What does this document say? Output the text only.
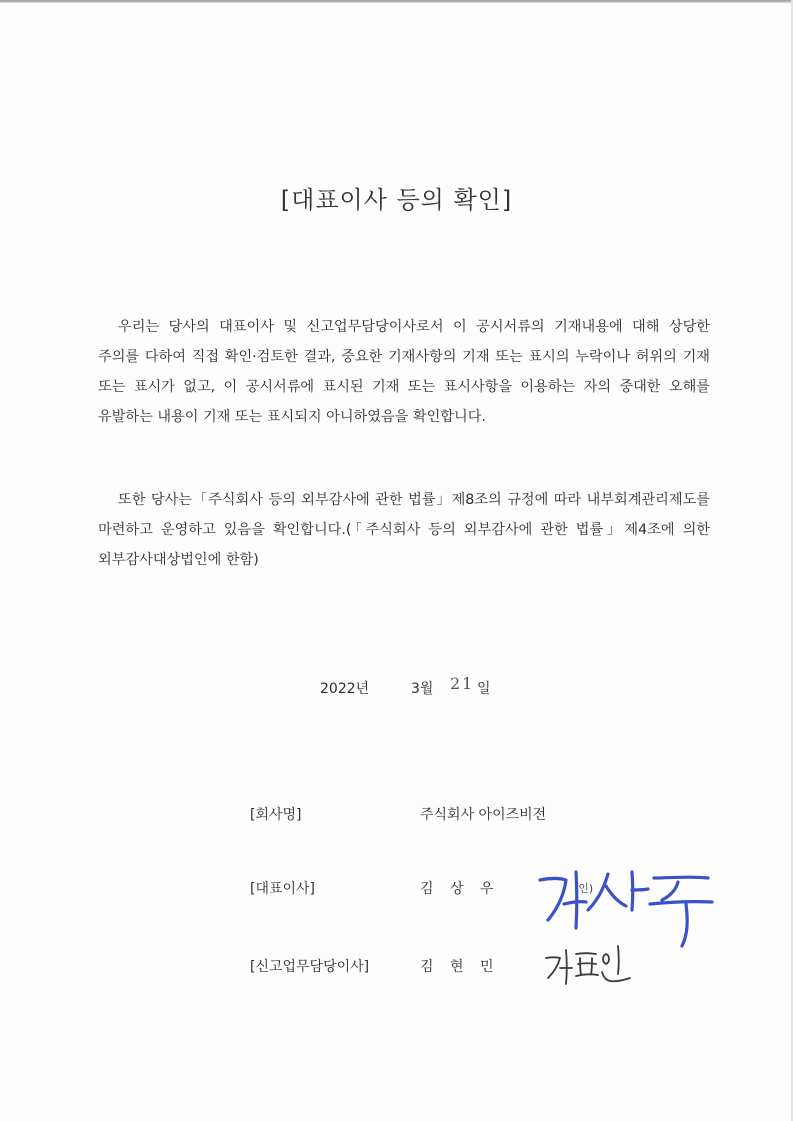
[대표이사 등의 확인]
우리는 당사의 대표이사 및 신고업무담당이사로서 이 공시서류의 기재내용에 대해 상당한 주의를 다하여 직접 확인·검토한 결과, 중요한 기재사항의 기재 또는 표시의 누락이나 허위의 기재 또는 표시가 없고, 이 공시서류에 표시된 기재 또는 표시사항을 이용하는 자의 중대한 오해를 유발하는 내용이 기재 또는 표시되지 아니하였음을 확인합니다.
또한 당사는「주식회사 등의 외부감사에 관한 법률」제8조의 규정에 따라 내부회계관리제도를 마련하고 운영하고 있음을 확인합니다.(「주식회사 등의 외부감사에 관한 법률」제4조에 의한 외부감사대상법인에 한함)
2022년	3월 21 일
[회사명]	주식회사 아이즈비전
[대표이사]	김 상 우	(인)
[신고업무담당이사]	김 현 민
